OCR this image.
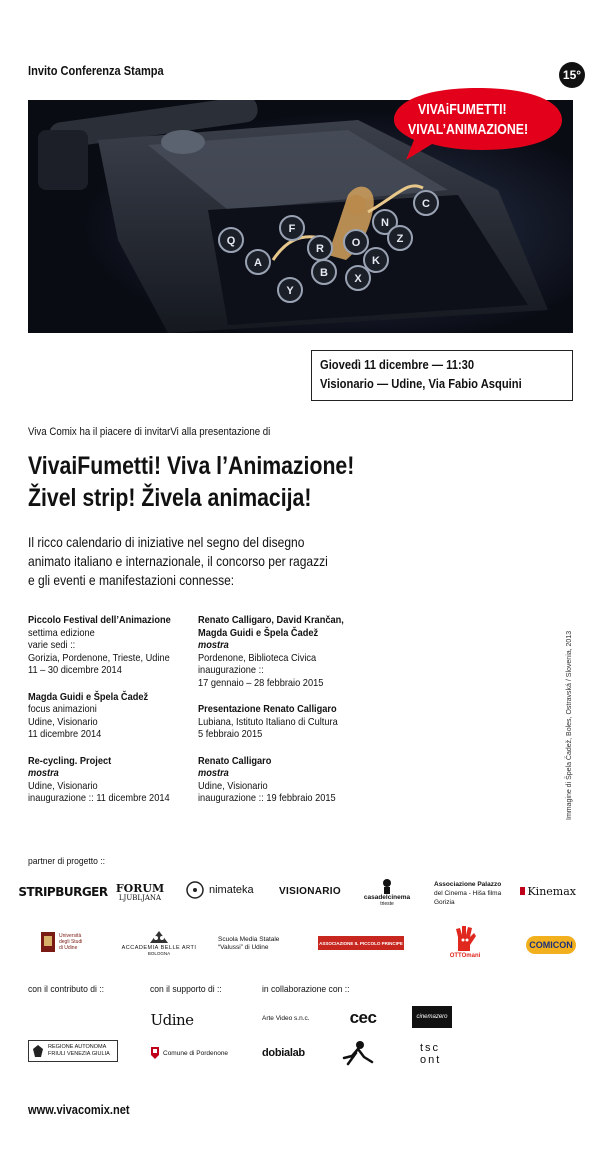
Invito Conferenza Stampa	15°
Q
A
F
R	O
N
C
K
Y
B X
Z
VIVAiFUMETTI!
VIVAL’ANIMAZIONE!
Giovedì 11 dicembre — 11:30
Visionario — Udine, Via Fabio Asquini
Viva Comix ha il piacere di invitarVi alla presentazione di
VivaiFumetti! Viva l’Animazione!
Živel strip! Živela animacija!
Il ricco calendario di iniziative nel segno del disegno
animato italiano e internazionale, il concorso per ragazzi
e gli eventi e manifestazioni connesse:
Piccolo Festival dell’Animazione
settima edizione
varie sedi ::
Gorizia, Pordenone, Trieste, Udine
11 – 30 dicembre 2014
Magda Guidi e Špela Čadež
focus animazioni
Udine, Visionario
11 dicembre 2014
Re-cycling. Project
mostra
Udine, Visionario
inaugurazione :: 11 dicembre 2014
Renato Calligaro, David Krančan,
Magda Guidi e Špela Čadež
mostra
Pordenone, Biblioteca Civica
inaugurazione ::
17 gennaio – 28 febbraio 2015
Presentazione Renato Calligaro
Lubiana, Istituto Italiano di Cultura
5 febbraio 2015
Renato Calligaro
mostra
Udine, Visionario
inaugurazione :: 19 febbraio 2015	Immagine di Špela Čadež, Boles, Ostravská / Slovenia, 2013
partner di progetto ::
STRIPBURGER FORUM
LJUBLJANA
nimateka	VISIONARIO
casadelcinema
trieste
Associazione Palazzo
del Cinema - Hiša filma
Gorizia
Kinemax
Università
degli Studi
di Udine	ACCADEMIA BELLE ARTI
BOLOGNA
Scuola Media Statale
“Valussi” di Udine
ASSOCIAZIONE IL PICCOLO PRINCIPE
OTTOmani
COMICON
con il contributo di ::	con il supporto di ::	in collaborazione con ::
REGIONE AUTONOMA
FRIULI VENEZIA GIULIA
Udine
Comune di Pordenone
Arte Video s.n.c. cec	cinemazero
dobialab	tsc
ont
www.vivacomix.net
